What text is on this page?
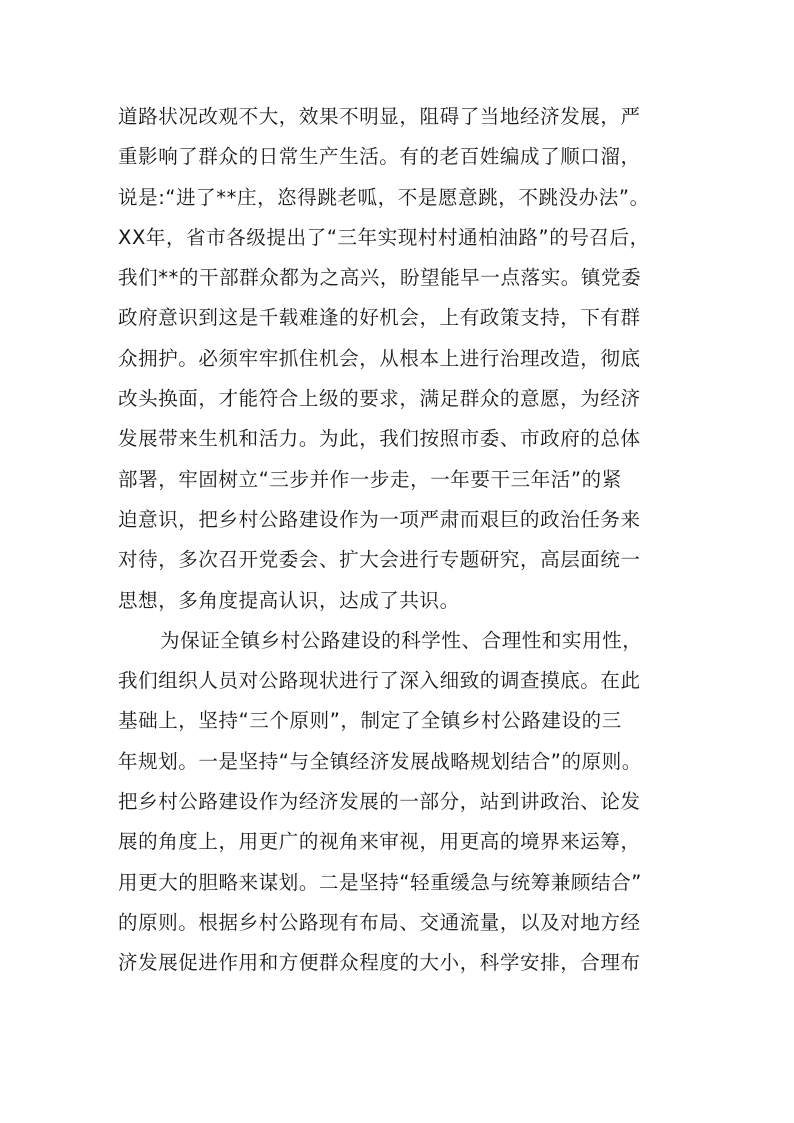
道路状况改观不大，效果不明显，阻碍了当地经济发展，严
重影响了群众的日常生产生活。有的老百姓编成了顺口溜，
说是:“进了**庄，恣得跳老呱，不是愿意跳，不跳没办法”。
XX年，省市各级提出了“三年实现村村通柏油路”的号召后，
我们**的干部群众都为之高兴，盼望能早一点落实。镇党委
政府意识到这是千载难逢的好机会，上有政策支持，下有群
众拥护。必须牢牢抓住机会，从根本上进行治理改造，彻底
改头换面，才能符合上级的要求，满足群众的意愿，为经济
发展带来生机和活力。为此，我们按照市委、市政府的总体
部署，牢固树立“三步并作一步走，一年要干三年活”的紧
迫意识，把乡村公路建设作为一项严肃而艰巨的政治任务来
对待，多次召开党委会、扩大会进行专题研究，高层面统一
思想，多角度提高认识，达成了共识。
为保证全镇乡村公路建设的科学性、合理性和实用性，
我们组织人员对公路现状进行了深入细致的调查摸底。在此
基础上，坚持“三个原则”，制定了全镇乡村公路建设的三
年规划。一是坚持“与全镇经济发展战略规划结合”的原则。
把乡村公路建设作为经济发展的一部分，站到讲政治、论发
展的角度上，用更广的视角来审视，用更高的境界来运筹，
用更大的胆略来谋划。二是坚持“轻重缓急与统筹兼顾结合”
的原则。根据乡村公路现有布局、交通流量，以及对地方经
济发展促进作用和方便群众程度的大小，科学安排，合理布
